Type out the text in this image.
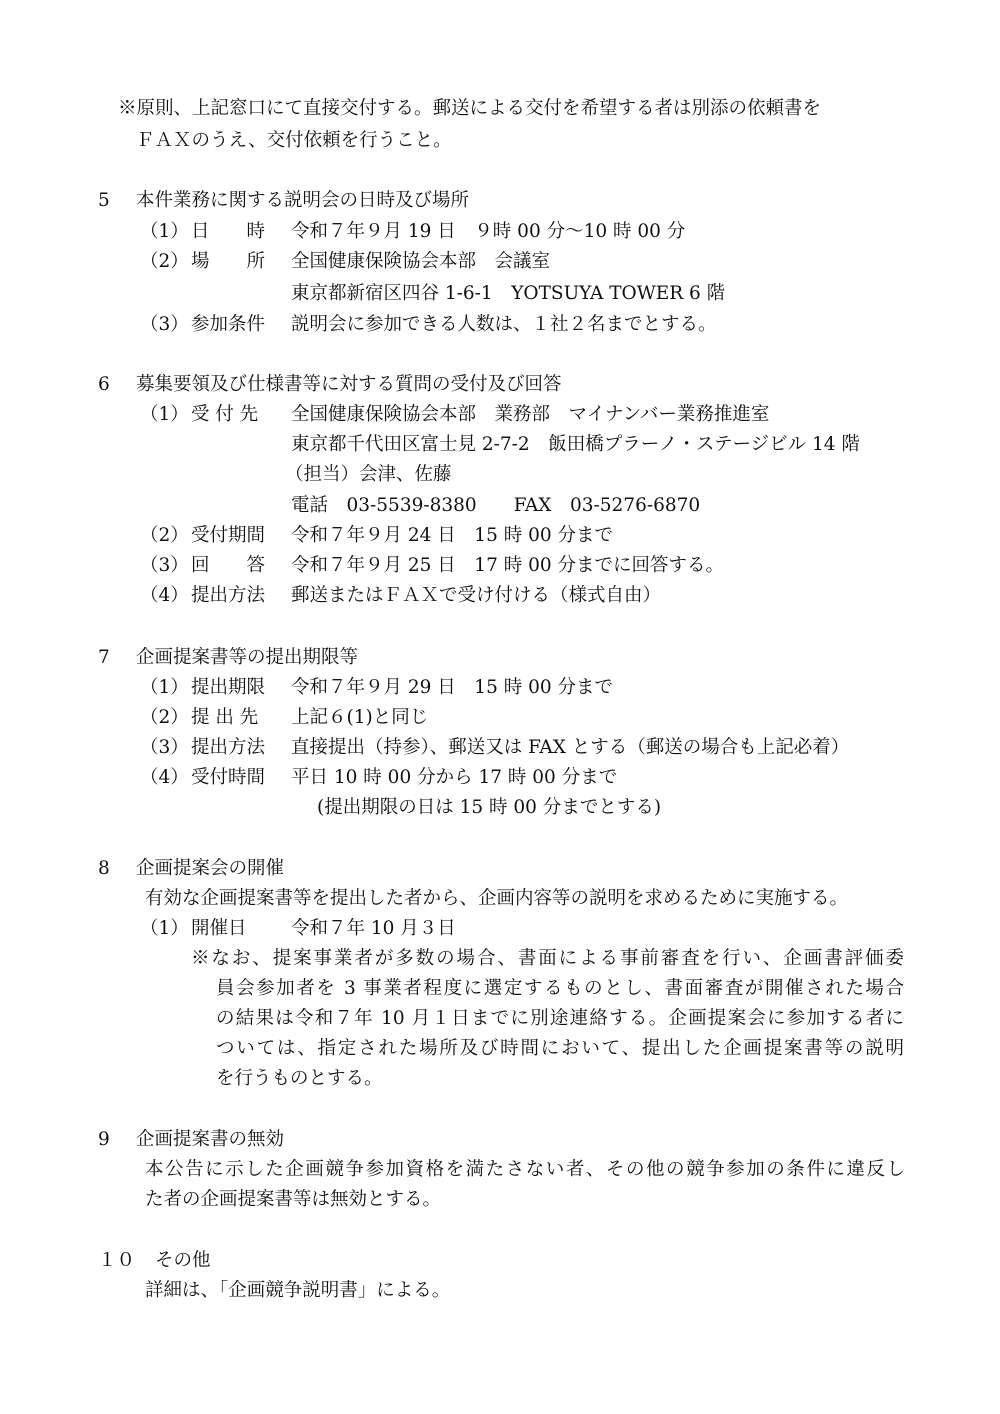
※原則、上記窓口にて直接交付する。郵送による交付を希望する者は別添の依頼書を
ＦＡＸのうえ、交付依頼を行うこと。
5 本件業務に関する説明会の日時及び場所
（1） 日　　時 令和７年９月 19 日　９時 00 分～10 時 00 分
（2） 場　　所 全国健康保険協会本部　会議室
東京都新宿区四谷 1-6-1　YOTSUYA TOWER 6 階
（3） 参加条件 説明会に参加できる人数は、１社２名までとする。
6 募集要領及び仕様書等に対する質問の受付及び回答
（1） 受 付 先 全国健康保険協会本部　業務部　マイナンバー業務推進室
東京都千代田区富士見 2-7-2　飯田橋プラーノ・ステージビル 14 階
（担当）会津、佐藤
電話　03-5539-8380　　FAX　03-5276-6870
（2） 受付期間 令和７年９月 24 日　15 時 00 分まで
（3） 回　　答 令和７年９月 25 日　17 時 00 分までに回答する。
（4） 提出方法 郵送またはＦＡＸで受け付ける（様式自由）
7 企画提案書等の提出期限等
（1） 提出期限 令和７年９月 29 日　15 時 00 分まで
（2） 提 出 先 上記６(1)と同じ
（3） 提出方法 直接提出（持参）、郵送又は FAX とする（郵送の場合も上記必着）
（4） 受付時間 平日 10 時 00 分から 17 時 00 分まで
(提出期限の日は 15 時 00 分までとする)
8 企画提案会の開催
有効な企画提案書等を提出した者から、企画内容等の説明を求めるために実施する。
（1） 開催日 令和７年 10 月３日
※なお、提案事業者が多数の場合、書面による事前審査を行い、企画書評価委
員会参加者を 3 事業者程度に選定するものとし、書面審査が開催された場合
の結果は令和７年 10 月１日までに別途連絡する。企画提案会に参加する者に
ついては、指定された場所及び時間において、提出した企画提案書等の説明
を行うものとする。
9 企画提案書の無効
本公告に示した企画競争参加資格を満たさない者、その他の競争参加の条件に違反し
た者の企画提案書等は無効とする。
１０ その他
詳細は、「企画競争説明書」による。
